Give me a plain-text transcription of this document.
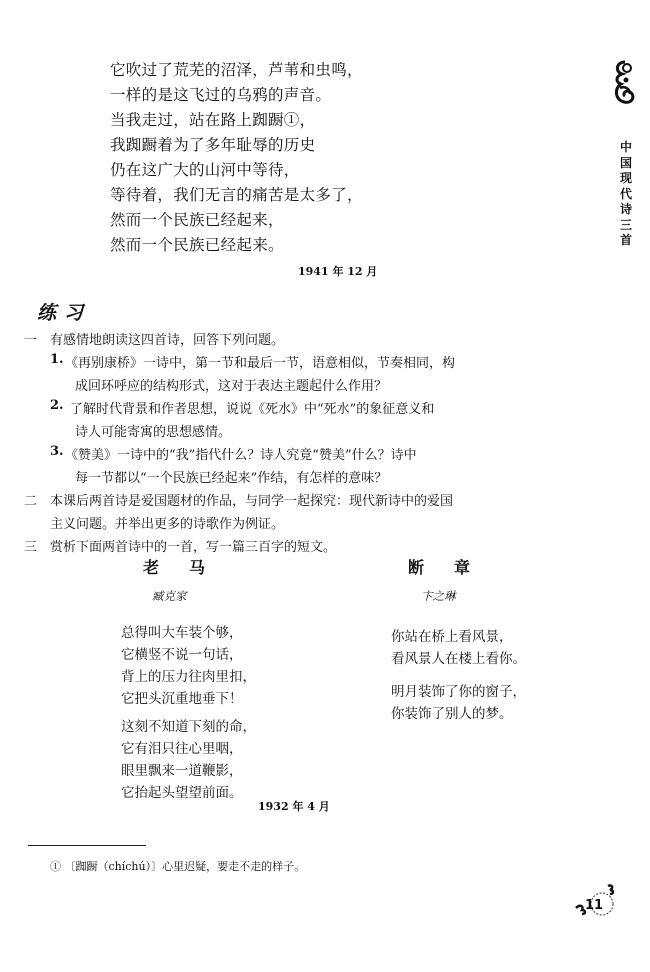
它吹过了荒芜的沼泽，芦苇和虫鸣，
一样的是这飞过的乌鸦的声音。
当我走过，站在路上踟蹰①，
我踟蹰着为了多年耻辱的历史
仍在这广大的山河中等待，
等待着，我们无言的痛苦是太多了，
然而一个民族已经起来，
然而一个民族已经起来。
1941 年 12 月
中国现代诗三首
练习
一 有感情地朗读这四首诗，回答下列问题。
1. 《再别康桥》一诗中，第一节和最后一节，语意相似，节奏相同，构
成回环呼应的结构形式，这对于表达主题起什么作用？
2. 了解时代背景和作者思想，说说《死水》中“死水”的象征意义和
诗人可能寄寓的思想感情。
3. 《赞美》一诗中的“我”指代什么？诗人究竟“赞美”什么？诗中
每一节都以“一个民族已经起来”作结，有怎样的意味？
二 本课后两首诗是爱国题材的作品，与同学一起探究：现代新诗中的爱国
主义问题。并举出更多的诗歌作为例证。
三 赏析下面两首诗中的一首，写一篇三百字的短文。
老马
臧克家
总得叫大车装个够，
它横竖不说一句话，
背上的压力往肉里扣，
它把头沉重地垂下！
这刻不知道下刻的命，
它有泪只往心里咽，
眼里飘来一道鞭影，
它抬起头望望前面。
1932 年 4 月
断章
卞之琳
你站在桥上看风景，
看风景人在楼上看你。
明月装饰了你的窗子，
你装饰了别人的梦。
① 〔踟蹰（chíchú）〕心里迟疑，要走不走的样子。
11
